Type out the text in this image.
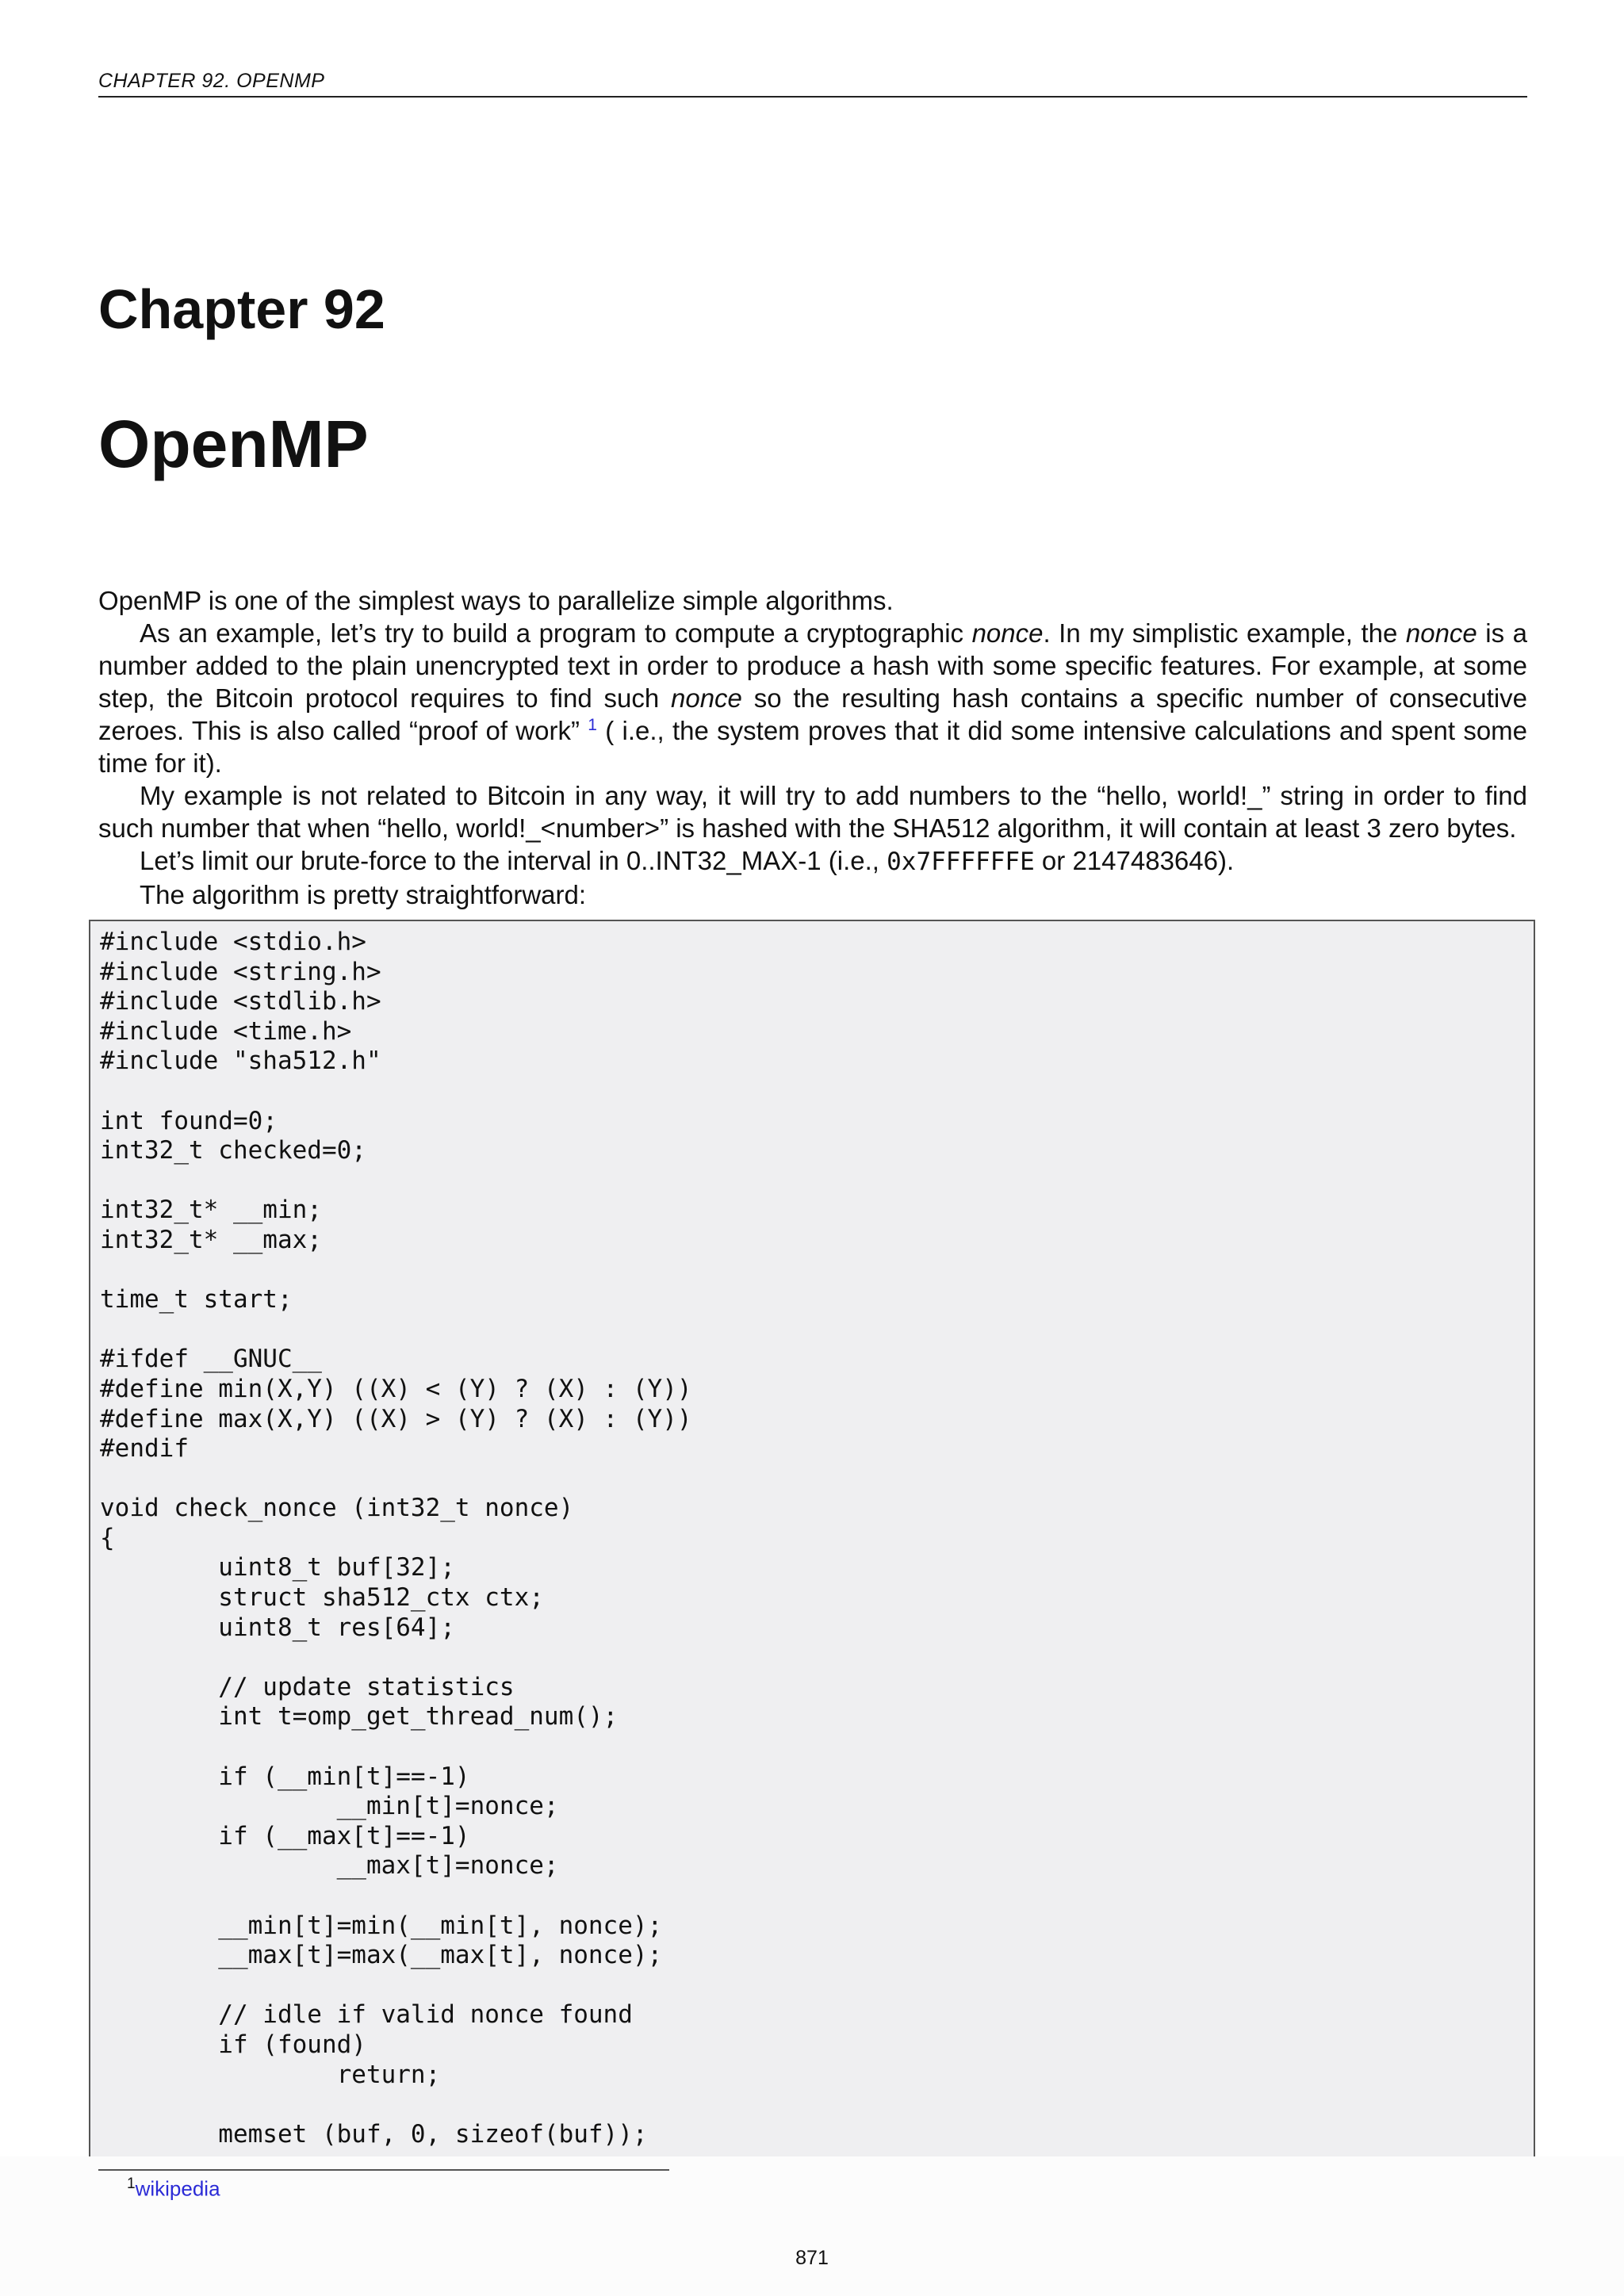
CHAPTER 92. OPENMP
Chapter 92
OpenMP

OpenMP is one of the simplest ways to parallelize simple algorithms.

As an example, let’s try to build a program to compute a cryptographic nonce. In my simplistic example, the nonce is a number added to the plain unencrypted text in order to produce a hash with some specific features. For example, at some step, the Bitcoin protocol requires to find such nonce so the resulting hash contains a specific number of consecutive zeroes. This is also called “proof of work” $^1$ ( i.e., the system proves that it did some intensive calculations and spent some time for it).

My example is not related to Bitcoin in any way, it will try to add numbers to the “hello, world!_” string in order to find such number that when “hello, world!_<number>” is hashed with the SHA512 algorithm, it will contain at least 3 zero bytes.

Let’s limit our brute-force to the interval in 0..INT32_MAX-1 (i.e., 0x7FFFFFFE or 2147483646).

The algorithm is pretty straightforward:

#include <stdio.h>
#include <string.h>
#include <stdlib.h>
#include <time.h>
#include "sha512.h"

int found=0;
int32_t checked=0;

int32_t* __min;
int32_t* __max;

time_t start;

#ifdef __GNUC__
#define min(X,Y) ((X) < (Y) ? (X) : (Y))
#define max(X,Y) ((X) > (Y) ? (X) : (Y))
#endif

void check_nonce (int32_t nonce)
{
uint8_t buf[32];
struct sha512_ctx ctx;
uint8_t res[64];

// update statistics
int t=omp_get_thread_num();

if (__min[t]==-1)
__min[t]=nonce;
if (__max[t]==-1)
__max[t]=nonce;

__min[t]=min(__min[t], nonce);
__max[t]=max(__max[t], nonce);

// idle if valid nonce found
if (found)
return;

memset (buf, 0, sizeof(buf));
$^1$wikipedia
871
